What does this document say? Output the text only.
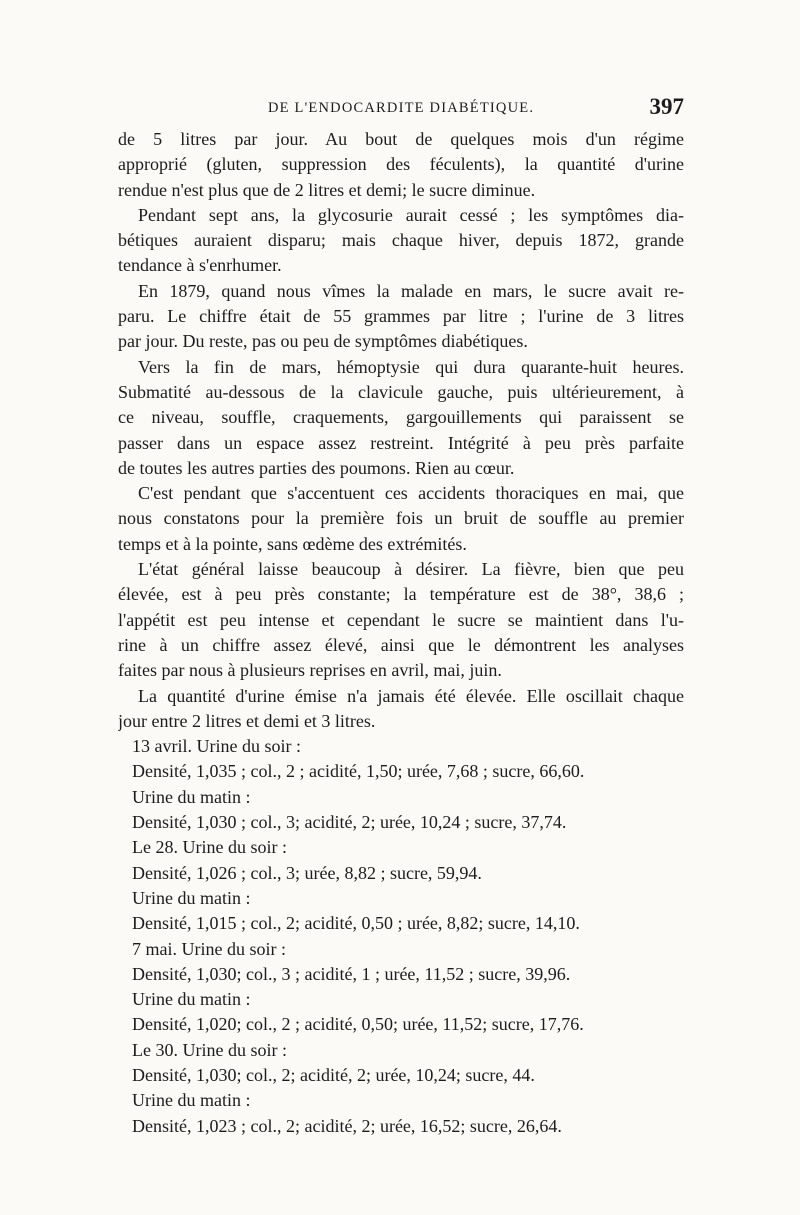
DE L'ENDOCARDITE DIABÉTIQUE.	397
de 5 litres par jour. Au bout de quelques mois d'un régime
approprié (gluten, suppression des féculents), la quantité d'urine
rendue n'est plus que de 2 litres et demi; le sucre diminue.
Pendant sept ans, la glycosurie aurait cessé ; les symptômes dia-
bétiques auraient disparu; mais chaque hiver, depuis 1872, grande
tendance à s'enrhumer.
En 1879, quand nous vîmes la malade en mars, le sucre avait re-
paru. Le chiffre était de 55 grammes par litre ; l'urine de 3 litres
par jour. Du reste, pas ou peu de symptômes diabétiques.
Vers la fin de mars, hémoptysie qui dura quarante-huit heures.
Submatité au-dessous de la clavicule gauche, puis ultérieurement, à
ce niveau, souffle, craquements, gargouillements qui paraissent se
passer dans un espace assez restreint. Intégrité à peu près parfaite
de toutes les autres parties des poumons. Rien au cœur.
C'est pendant que s'accentuent ces accidents thoraciques en mai, que
nous constatons pour la première fois un bruit de souffle au premier
temps et à la pointe, sans œdème des extrémités.
L'état général laisse beaucoup à désirer. La fièvre, bien que peu
élevée, est à peu près constante; la température est de 38°, 38,6 ;
l'appétit est peu intense et cependant le sucre se maintient dans l'u-
rine à un chiffre assez élevé, ainsi que le démontrent les analyses
faites par nous à plusieurs reprises en avril, mai, juin.
La quantité d'urine émise n'a jamais été élevée. Elle oscillait chaque
jour entre 2 litres et demi et 3 litres.
13 avril. Urine du soir :
Densité, 1,035 ; col., 2 ; acidité, 1,50; urée, 7,68 ; sucre, 66,60.
Urine du matin :
Densité, 1,030 ; col., 3; acidité, 2; urée, 10,24 ; sucre, 37,74.
Le 28. Urine du soir :
Densité, 1,026 ; col., 3; urée, 8,82 ; sucre, 59,94.
Urine du matin :
Densité, 1,015 ; col., 2; acidité, 0,50 ; urée, 8,82; sucre, 14,10.
7 mai. Urine du soir :
Densité, 1,030; col., 3 ; acidité, 1 ; urée, 11,52 ; sucre, 39,96.
Urine du matin :
Densité, 1,020; col., 2 ; acidité, 0,50; urée, 11,52; sucre, 17,76.
Le 30. Urine du soir :
Densité, 1,030; col., 2; acidité, 2; urée, 10,24; sucre, 44.
Urine du matin :
Densité, 1,023 ; col., 2; acidité, 2; urée, 16,52; sucre, 26,64.
